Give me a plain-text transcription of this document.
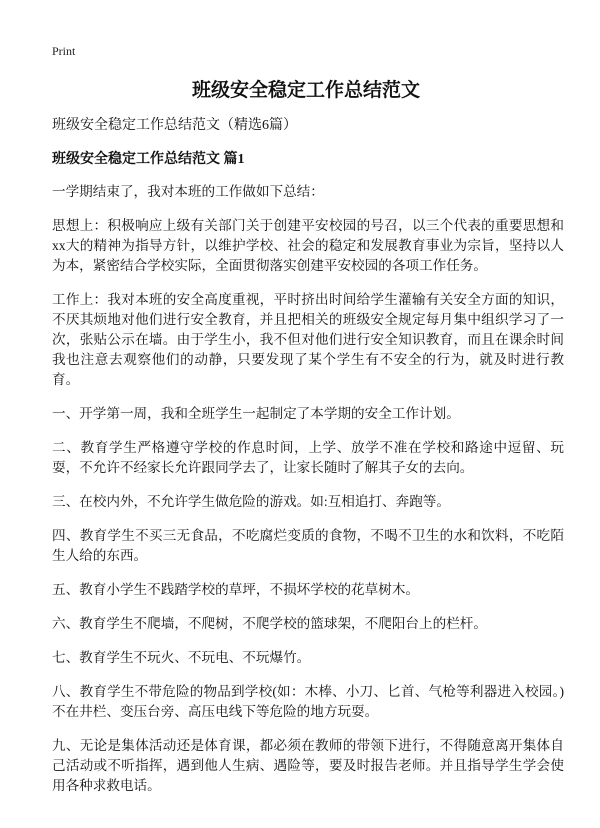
Print
班级安全稳定工作总结范文
班级安全稳定工作总结范文（精选6篇）
班级安全稳定工作总结范文 篇1

一学期结束了，我对本班的工作做如下总结：

思想上：积极响应上级有关部门关于创建平安校园的号召，以三个代表的重要思想和xx大的精神为指导方针，以维护学校、社会的稳定和发展教育事业为宗旨，坚持以人为本，紧密结合学校实际，全面贯彻落实创建平安校园的各项工作任务。

工作上：我对本班的安全高度重视，平时挤出时间给学生灌输有关安全方面的知识，不厌其烦地对他们进行安全教育，并且把相关的班级安全规定每月集中组织学习了一次，张贴公示在墙。由于学生小，我不但对他们进行安全知识教育，而且在课余时间我也注意去观察他们的动静，只要发现了某个学生有不安全的行为，就及时进行教育。

一、开学第一周，我和全班学生一起制定了本学期的安全工作计划。

二、教育学生严格遵守学校的作息时间，上学、放学不准在学校和路途中逗留、玩耍，不允许不经家长允许跟同学去了，让家长随时了解其子女的去向。

三、在校内外，不允许学生做危险的游戏。如:互相追打、奔跑等。

四、教育学生不买三无食品，不吃腐烂变质的食物，不喝不卫生的水和饮料，不吃陌生人给的东西。

五、教育小学生不践踏学校的草坪，不损坏学校的花草树木。

六、教育学生不爬墙，不爬树，不爬学校的篮球架，不爬阳台上的栏杆。

七、教育学生不玩火、不玩电、不玩爆竹。

八、教育学生不带危险的物品到学校(如：木棒、小刀、匕首、气枪等利器进入校园。)不在井栏、变压台旁、高压电线下等危险的地方玩耍。

九、无论是集体活动还是体育课，都必须在教师的带领下进行，不得随意离开集体自己活动或不听指挥，遇到他人生病、遇险等，要及时报告老师。并且指导学生学会使用各种求救电话。
